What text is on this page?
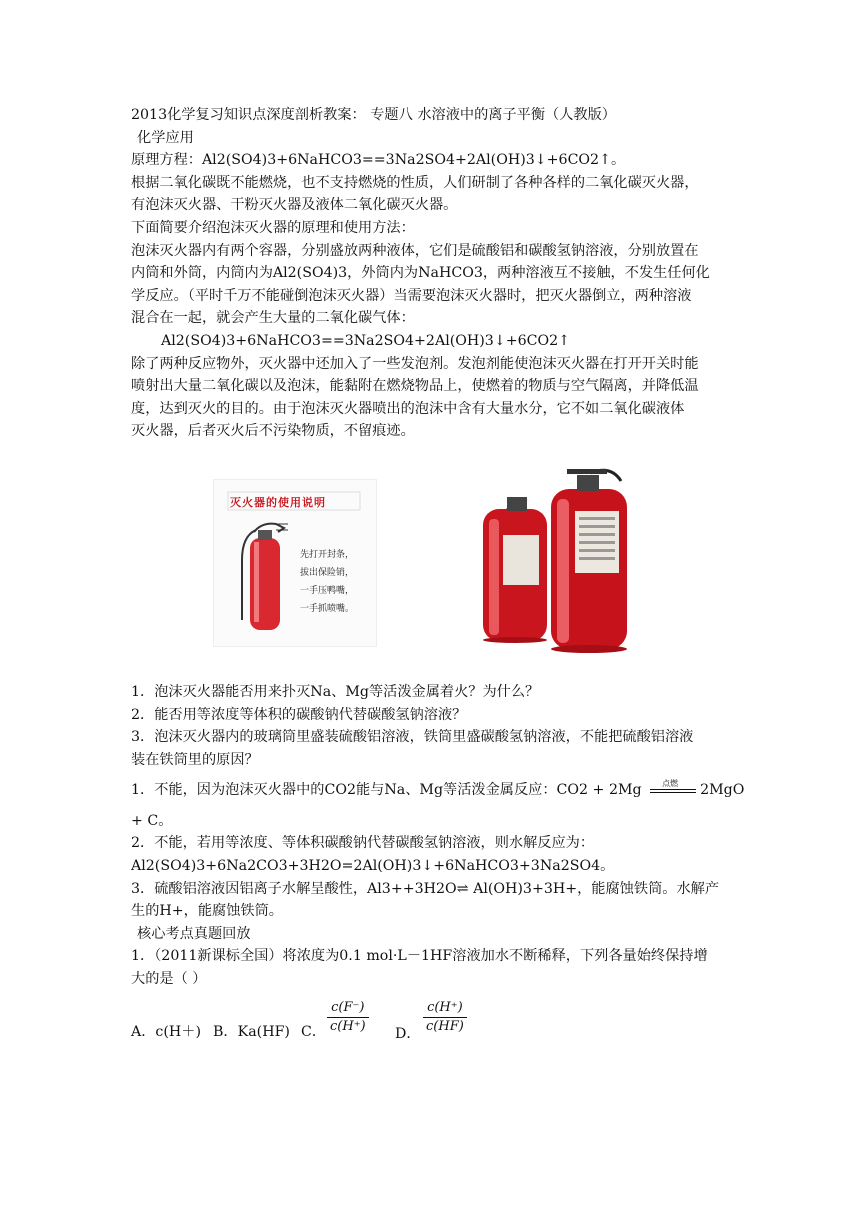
2013化学复习知识点深度剖析教案： 专题八 水溶液中的离子平衡（人教版）
化学应用
原理方程：Al2(SO4)3+6NaHCO3==3Na2SO4+2Al(OH)3↓+6CO2↑。
根据二氧化碳既不能燃烧，也不支持燃烧的性质，人们研制了各种各样的二氧化碳灭火器，
有泡沫灭火器、干粉灭火器及液体二氧化碳灭火器。
下面简要介绍泡沫灭火器的原理和使用方法：
泡沫灭火器内有两个容器，分别盛放两种液体，它们是硫酸铝和碳酸氢钠溶液，分别放置在
内筒和外筒，内筒内为Al2(SO4)3，外筒内为NaHCO3，两种溶液互不接触，不发生任何化
学反应。（平时千万不能碰倒泡沫灭火器）当需要泡沫灭火器时，把灭火器倒立，两种溶液
混合在一起，就会产生大量的二氧化碳气体：
Al2(SO4)3+6NaHCO3==3Na2SO4+2Al(OH)3↓+6CO2↑
除了两种反应物外，灭火器中还加入了一些发泡剂。发泡剂能使泡沫灭火器在打开开关时能
喷射出大量二氧化碳以及泡沫，能黏附在燃烧物品上，使燃着的物质与空气隔离，并降低温
度，达到灭火的目的。由于泡沫灭火器喷出的泡沫中含有大量水分，它不如二氧化碳液体
灭火器，后者灭火后不污染物质，不留痕迹。
灭火器的使用说明
先打开封条，
拔出保险销，
一手压鸭嘴，
一手抓喷嘴。
1．泡沫灭火器能否用来扑灭Na、Mg等活泼金属着火？为什么？
2．能否用等浓度等体积的碳酸钠代替碳酸氢钠溶液？
3．泡沫灭火器内的玻璃筒里盛装硫酸铝溶液，铁筒里盛碳酸氢钠溶液，不能把硫酸铝溶液
装在铁筒里的原因？
1．不能，因为泡沫灭火器中的CO2能与Na、Mg等活泼金属反应：CO2 + 2Mg	点燃 2MgO
+ C。
2．不能，若用等浓度、等体积碳酸钠代替碳酸氢钠溶液，则水解反应为：
Al2(SO4)3+6Na2CO3+3H2O=2Al(OH)3↓+6NaHCO3+3Na2SO4。
3．硫酸铝溶液因铝离子水解呈酸性，Al3++3H2O⇌ Al(OH)3+3H+，能腐蚀铁筒。水解产
生的H+，能腐蚀铁筒。
核心考点真题回放
1．（2011新课标全国）将浓度为0.1 mol·L－1HF溶液加水不断稀释，下列各量始终保持增
大的是（ ）
A．c(H＋) B．Ka(HF) C． $\frac{c(F^-)}{c(H^+)}$ D． $\frac{c(H^+)}{c(HF)}$
